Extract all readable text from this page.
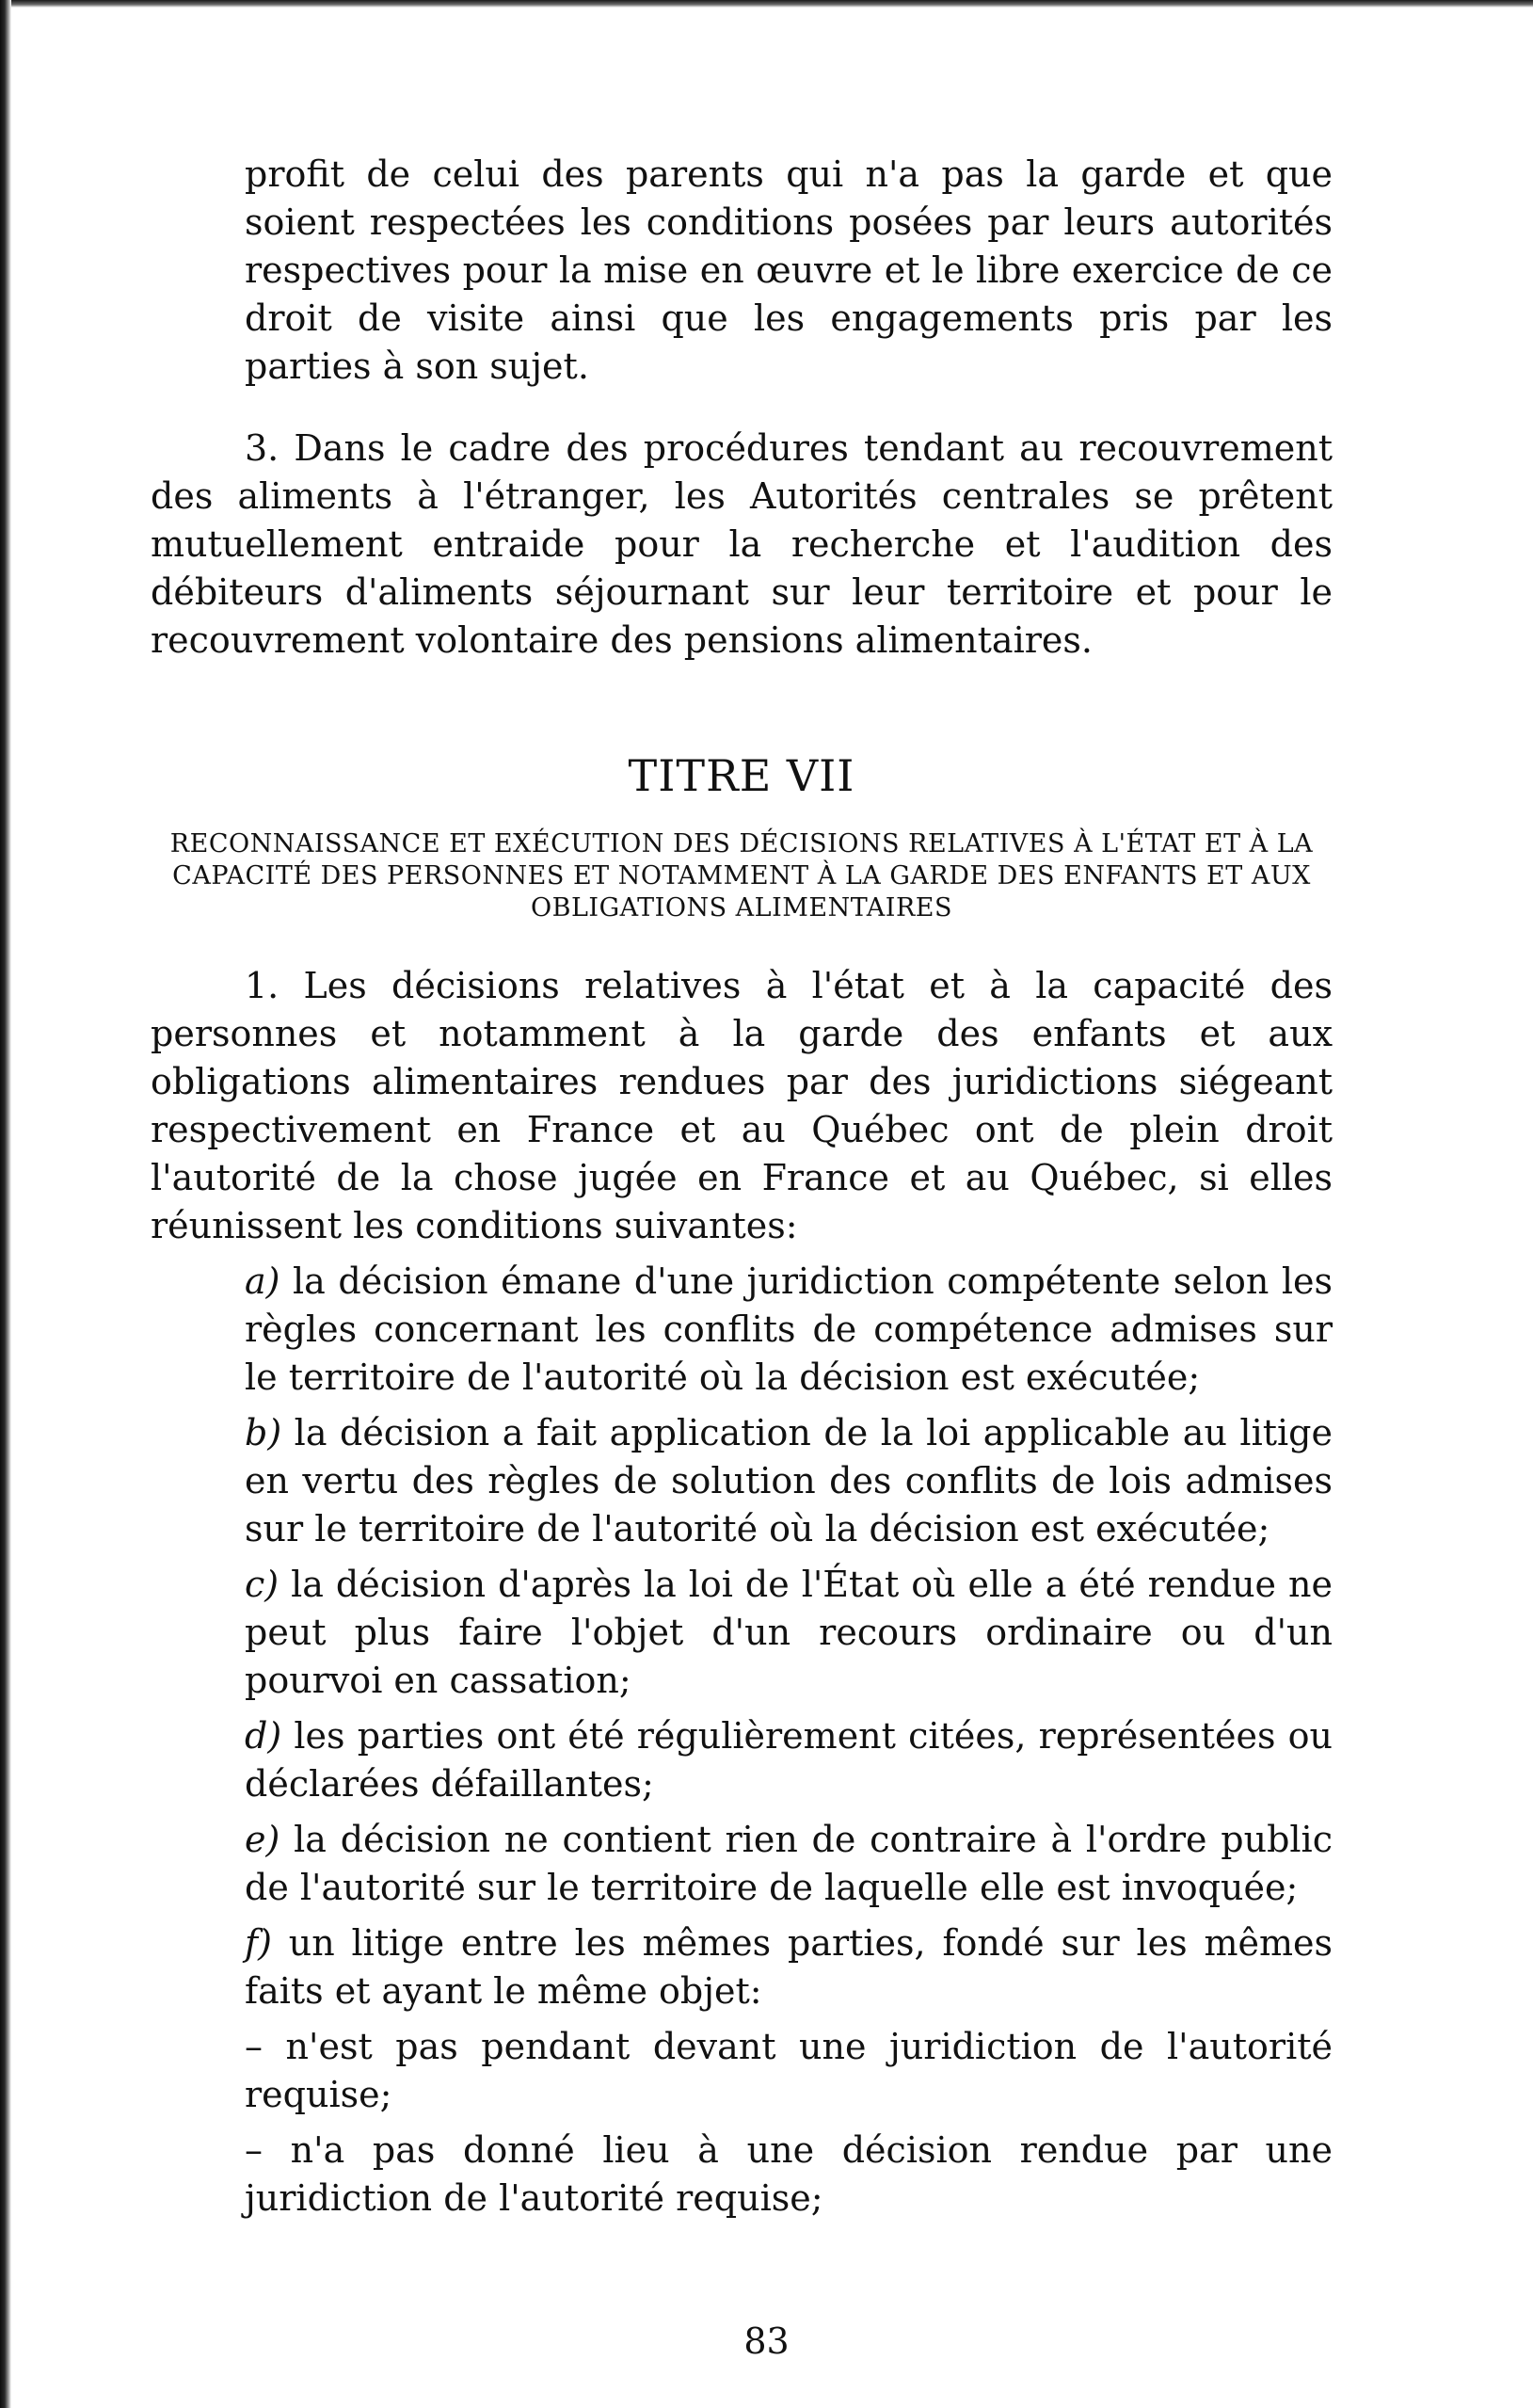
profit de celui des parents qui n'a pas la garde et que soient respectées les conditions posées par leurs autorités respectives pour la mise en œuvre et le libre exercice de ce droit de visite ainsi que les engagements pris par les parties à son sujet.

3. Dans le cadre des procédures tendant au recouvrement des aliments à l'étranger, les Autorités centrales se prêtent mutuellement entraide pour la recherche et l'audition des débiteurs d'aliments séjournant sur leur territoire et pour le recouvrement volontaire des pensions alimentaires.

TITRE VII
RECONNAISSANCE ET EXÉCUTION DES DÉCISIONS RELATIVES À L'ÉTAT ET À LA CAPACITÉ DES PERSONNES ET NOTAMMENT À LA GARDE DES ENFANTS ET AUX OBLIGATIONS ALIMENTAIRES

1. Les décisions relatives à l'état et à la capacité des personnes et notamment à la garde des enfants et aux obligations alimentaires rendues par des juridictions siégeant respectivement en France et au Québec ont de plein droit l'autorité de la chose jugée en France et au Québec, si elles réunissent les conditions suivantes:

a) la décision émane d'une juridiction compétente selon les règles concernant les conflits de compétence admises sur le territoire de l'autorité où la décision est exécutée;
b) la décision a fait application de la loi applicable au litige en vertu des règles de solution des conflits de lois admises sur le territoire de l'autorité où la décision est exécutée;
c) la décision d'après la loi de l'État où elle a été rendue ne peut plus faire l'objet d'un recours ordinaire ou d'un pourvoi en cassation;
d) les parties ont été régulièrement citées, représentées ou déclarées défaillantes;
e) la décision ne contient rien de contraire à l'ordre public de l'autorité sur le territoire de laquelle elle est invoquée;
f) un litige entre les mêmes parties, fondé sur les mêmes faits et ayant le même objet:
– n'est pas pendant devant une juridiction de l'autorité requise;
– n'a pas donné lieu à une décision rendue par une juridiction de l'autorité requise;
83
